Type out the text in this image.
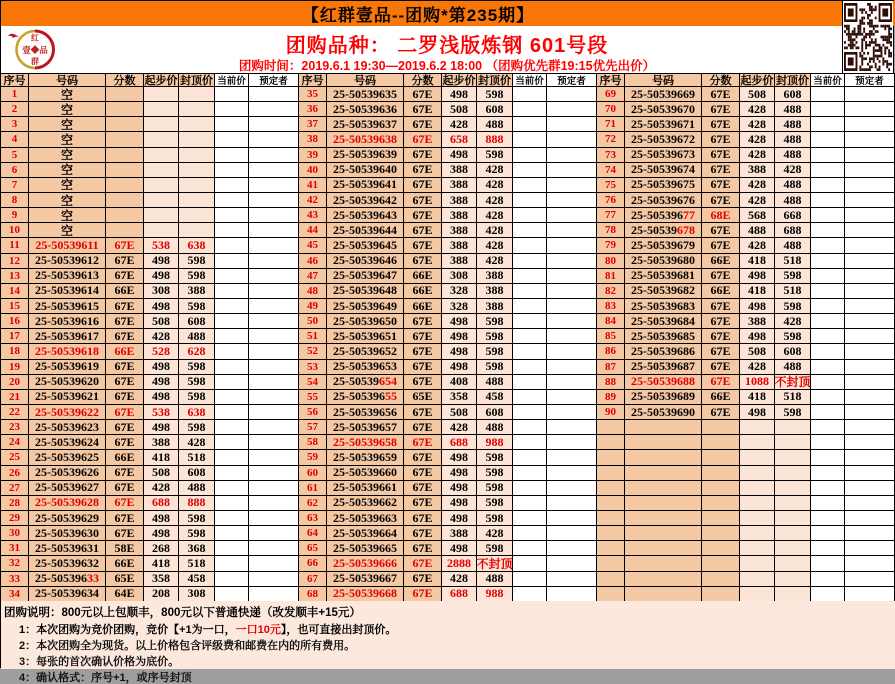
【红群壹品--团购*第235期】
红
壹◆品
群
团购品种： 二罗浅版炼钢 601号段
团购时间：2019.6.1 19:30—2019.6.2 18:00 （团购优先群19:15优先出价）
序号	号码	分数 起步价 封顶价 当前价	预定者
1	空
2	空
3	空
4	空
5	空
6	空
7	空
8	空
9	空
10	空
11	25-50539611	67E	538	638
12	25-50539612	67E	498	598
13	25-50539613	67E	498	598
14	25-50539614	66E	308	388
15	25-50539615	67E	498	598
16	25-50539616	67E	508	608
17	25-50539617	67E	428	488
18	25-50539618	66E	528	628
19	25-50539619	67E	498	598
20	25-50539620	67E	498	598
21	25-50539621	67E	498	598
22	25-50539622	67E	538	638
23	25-50539623	67E	498	598
24	25-50539624	67E	388	428
25	25-50539625	66E	418	518
26	25-50539626	67E	508	608
27	25-50539627	67E	428	488
28	25-50539628	67E	688	888
29	25-50539629	67E	498	598
30	25-50539630	67E	498	598
31	25-50539631	58E	268	368
32	25-50539632	66E	418	518
33	25-505396 33	65E	358	458
34	25-50539634	64E	208	308
序号	号码	分数 起步价 封顶价 当前价	预定者
35	25-50539635	67E	498	598
36	25-50539636	67E	508	608
37	25-50539637	67E	428	488
38	25-50539638	67E	658	888
39	25-50539639	67E	498	598
40	25-50539640	67E	388	428
41	25-50539641	67E	388	428
42	25-50539642	67E	388	428
43	25-50539643	67E	388	428
44	25-50539644	67E	388	428
45	25-50539645	67E	388	428
46	25-50539646	67E	388	428
47	25-50539647	66E	308	388
48	25-50539648	66E	328	388
49	25-50539649	66E	328	388
50	25-50539650	67E	498	598
51	25-50539651	67E	498	598
52	25-50539652	67E	498	598
53	25-50539653	67E	498	598
54	25-50539 654	67E	408	488
55	25-505396 55	65E	358	458
56	25-50539656	67E	508	608
57	25-50539657	67E	428	488
58	25-50539658	67E	688	988
59	25-50539659	67E	498	598
60	25-50539660	67E	498	598
61	25-50539661	67E	498	598
62	25-50539662	67E	498	598
63	25-50539663	67E	498	598
64	25-50539664	67E	388	428
65	25-50539665	67E	498	598
66	25-50539666	67E	2888 不封顶
67	25-50539667	67E	428	488
68	25-50539668	67E	688	988
序号	号码	分数 起步价 封顶价 当前价	预定者
69	25-50539669	67E	508	608
70	25-50539670	67E	428	488
71	25-50539671	67E	428	488
72	25-50539672	67E	428	488
73	25-50539673	67E	428	488
74	25-50539674	67E	388	428
75	25-50539675	67E	428	488
76	25-50539676	67E	428	488
77	25-505396 77	68E	568	668
78	25-50539 678	67E	488	688
79	25-50539679	67E	428	488
80	25-50539680	66E	418	518
81	25-50539681	67E	498	598
82	25-50539682	66E	418	518
83	25-50539683	67E	498	598
84	25-50539684	67E	388	428
85	25-50539685	67E	498	598
86	25-50539686	67E	508	608
87	25-50539687	67E	428	488
88	25-50539688	67E	1088 不封顶
89	25-50539689	66E	418	518
90	25-50539690	67E	498	598
团购说明：800元以上包顺丰，800元以下普通快递（改发顺丰+15元）
1：本次团购为竞价团购，竞价【+1为一口，一口10元】，也可直接出封顶价。
2：本次团购全为现货。以上价格包含评级费和邮费在内的所有费用。
3：每张的首次确认价格为底价。
4：确认格式：序号+1，或序号封顶
